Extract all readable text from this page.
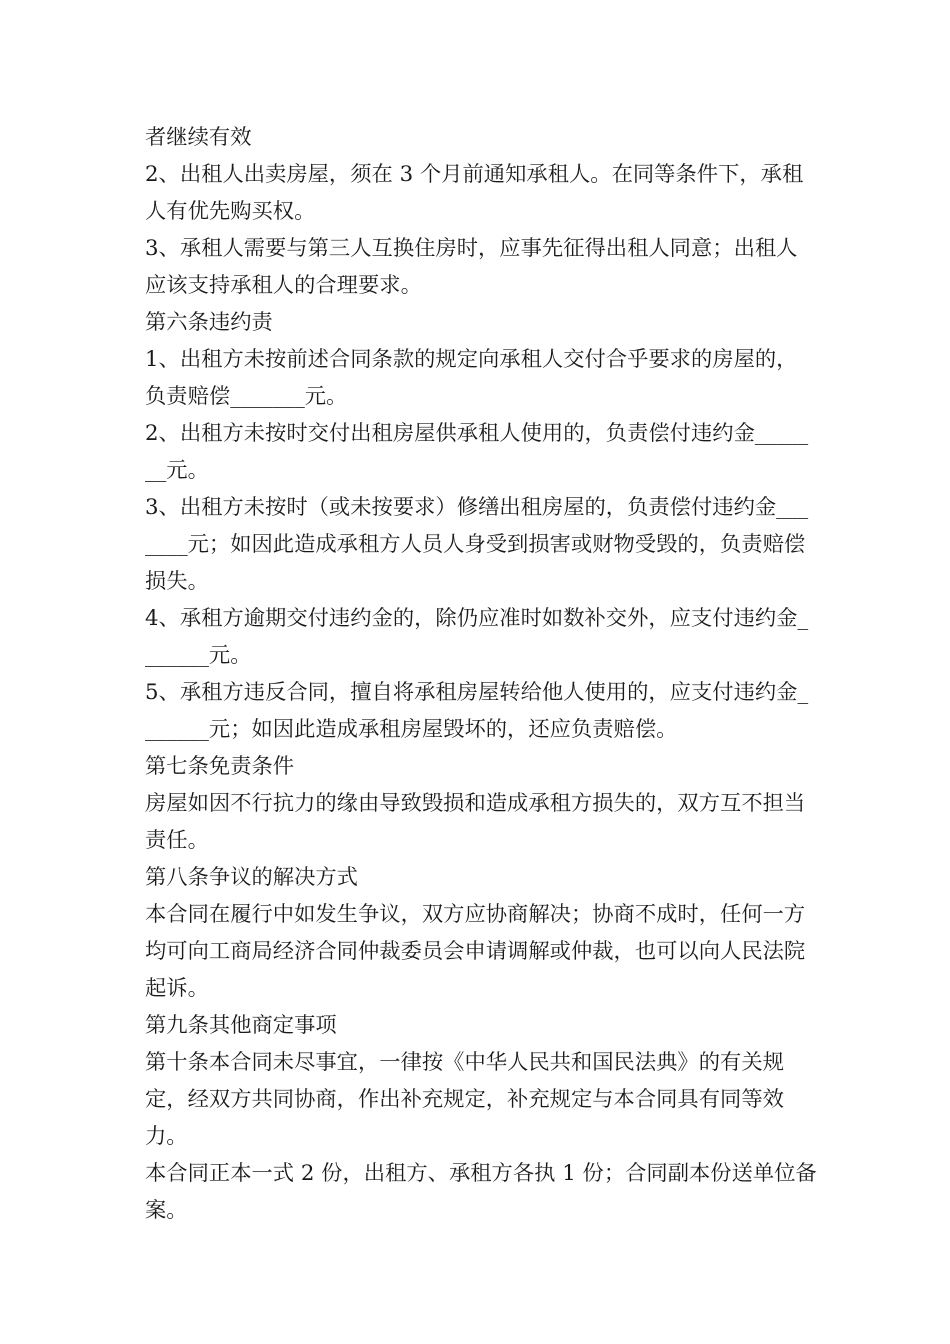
者继续有效

2、出租人出卖房屋，须在 3 个月前通知承租人。在同等条件下，承租人有优先购买权。

3、承租人需要与第三人互换住房时，应事先征得出租人同意；出租人应该支持承租人的合理要求。

第六条违约责

1、出租方未按前述合同条款的规定向承租人交付合乎要求的房屋的，负责赔偿_______元。

2、出租方未按时交付出租房屋供承租人使用的，负责偿付违约金_______元。

3、出租方未按时（或未按要求）修缮出租房屋的，负责偿付违约金_______元；如因此造成承租方人员人身受到损害或财物受毁的，负责赔偿损失。

4、承租方逾期交付违约金的，除仍应准时如数补交外，应支付违约金_______元。

5、承租方违反合同，擅自将承租房屋转给他人使用的，应支付违约金_______元；如因此造成承租房屋毁坏的，还应负责赔偿。

第七条免责条件

房屋如因不行抗力的缘由导致毁损和造成承租方损失的，双方互不担当责任。

第八条争议的解决方式

本合同在履行中如发生争议，双方应协商解决；协商不成时，任何一方均可向工商局经济合同仲裁委员会申请调解或仲裁，也可以向人民法院起诉。

第九条其他商定事项

第十条本合同未尽事宜，一律按《中华人民共和国民法典》的有关规定，经双方共同协商，作出补充规定，补充规定与本合同具有同等效力。

本合同正本一式 2 份，出租方、承租方各执 1 份；合同副本份送单位备案。
